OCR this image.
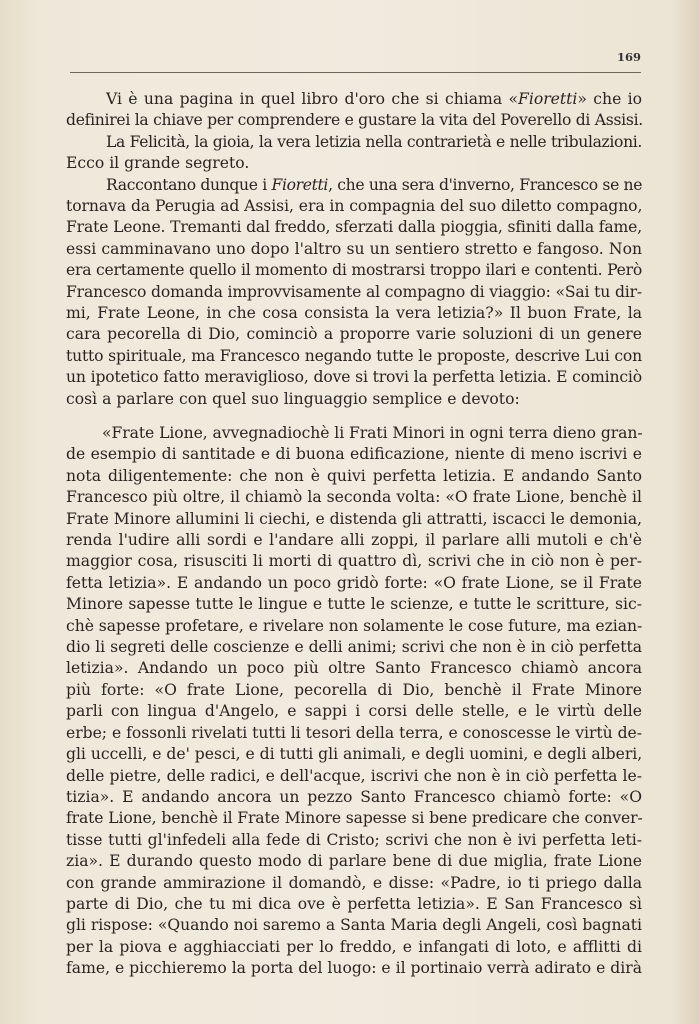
169
Vi è una pagina in quel libro d'oro che si chiama «Fioretti» che io
definirei la chiave per comprendere e gustare la vita del Poverello di Assisi.
La Felicità, la gioia, la vera letizia nella contrarietà e nelle tribulazioni.
Ecco il grande segreto.
Raccontano dunque i Fioretti, che una sera d'inverno, Francesco se ne
tornava da Perugia ad Assisi, era in compagnia del suo diletto compagno,
Frate Leone. Tremanti dal freddo, sferzati dalla pioggia, sfiniti dalla fame,
essi camminavano uno dopo l'altro su un sentiero stretto e fangoso. Non
era certamente quello il momento di mostrarsi troppo ilari e contenti. Però
Francesco domanda improvvisamente al compagno di viaggio: «Sai tu dir-
mi, Frate Leone, in che cosa consista la vera letizia?» Il buon Frate, la
cara pecorella di Dio, cominciò a proporre varie soluzioni di un genere
tutto spirituale, ma Francesco negando tutte le proposte, descrive Lui con
un ipotetico fatto meraviglioso, dove si trovi la perfetta letizia. E cominciò
così a parlare con quel suo linguaggio semplice e devoto:
«Frate Lione, avvegnadiochè li Frati Minori in ogni terra dieno gran-
de esempio di santitade e di buona edificazione, niente di meno iscrivi e
nota diligentemente: che non è quivi perfetta letizia. E andando Santo
Francesco più oltre, il chiamò la seconda volta: «O frate Lione, benchè il
Frate Minore allumini li ciechi, e distenda gli attratti, iscacci le demonia,
renda l'udire alli sordi e l'andare alli zoppi, il parlare alli mutoli e ch'è
maggior cosa, risusciti li morti di quattro dì, scrivi che in ciò non è per-
fetta letizia». E andando un poco gridò forte: «O frate Lione, se il Frate
Minore sapesse tutte le lingue e tutte le scienze, e tutte le scritture, sic-
chè sapesse profetare, e rivelare non solamente le cose future, ma ezian-
dio li segreti delle coscienze e delli animi; scrivi che non è in ciò perfetta
letizia». Andando un poco più oltre Santo Francesco chiamò ancora
più forte: «O frate Lione, pecorella di Dio, benchè il Frate Minore
parli con lingua d'Angelo, e sappi i corsi delle stelle, e le virtù delle
erbe; e fossonli rivelati tutti li tesori della terra, e conoscesse le virtù de-
gli uccelli, e de' pesci, e di tutti gli animali, e degli uomini, e degli alberi,
delle pietre, delle radici, e dell'acque, iscrivi che non è in ciò perfetta le-
tizia». E andando ancora un pezzo Santo Francesco chiamò forte: «O
frate Lione, benchè il Frate Minore sapesse si bene predicare che conver-
tisse tutti gl'infedeli alla fede di Cristo; scrivi che non è ivi perfetta leti-
zia». E durando questo modo di parlare bene di due miglia, frate Lione
con grande ammirazione il domandò, e disse: «Padre, io ti priego dalla
parte di Dio, che tu mi dica ove è perfetta letizia». E San Francesco sì
gli rispose: «Quando noi saremo a Santa Maria degli Angeli, così bagnati
per la piova e agghiacciati per lo freddo, e infangati di loto, e afflitti di
fame, e picchieremo la porta del luogo: e il portinaio verrà adirato e dirà
